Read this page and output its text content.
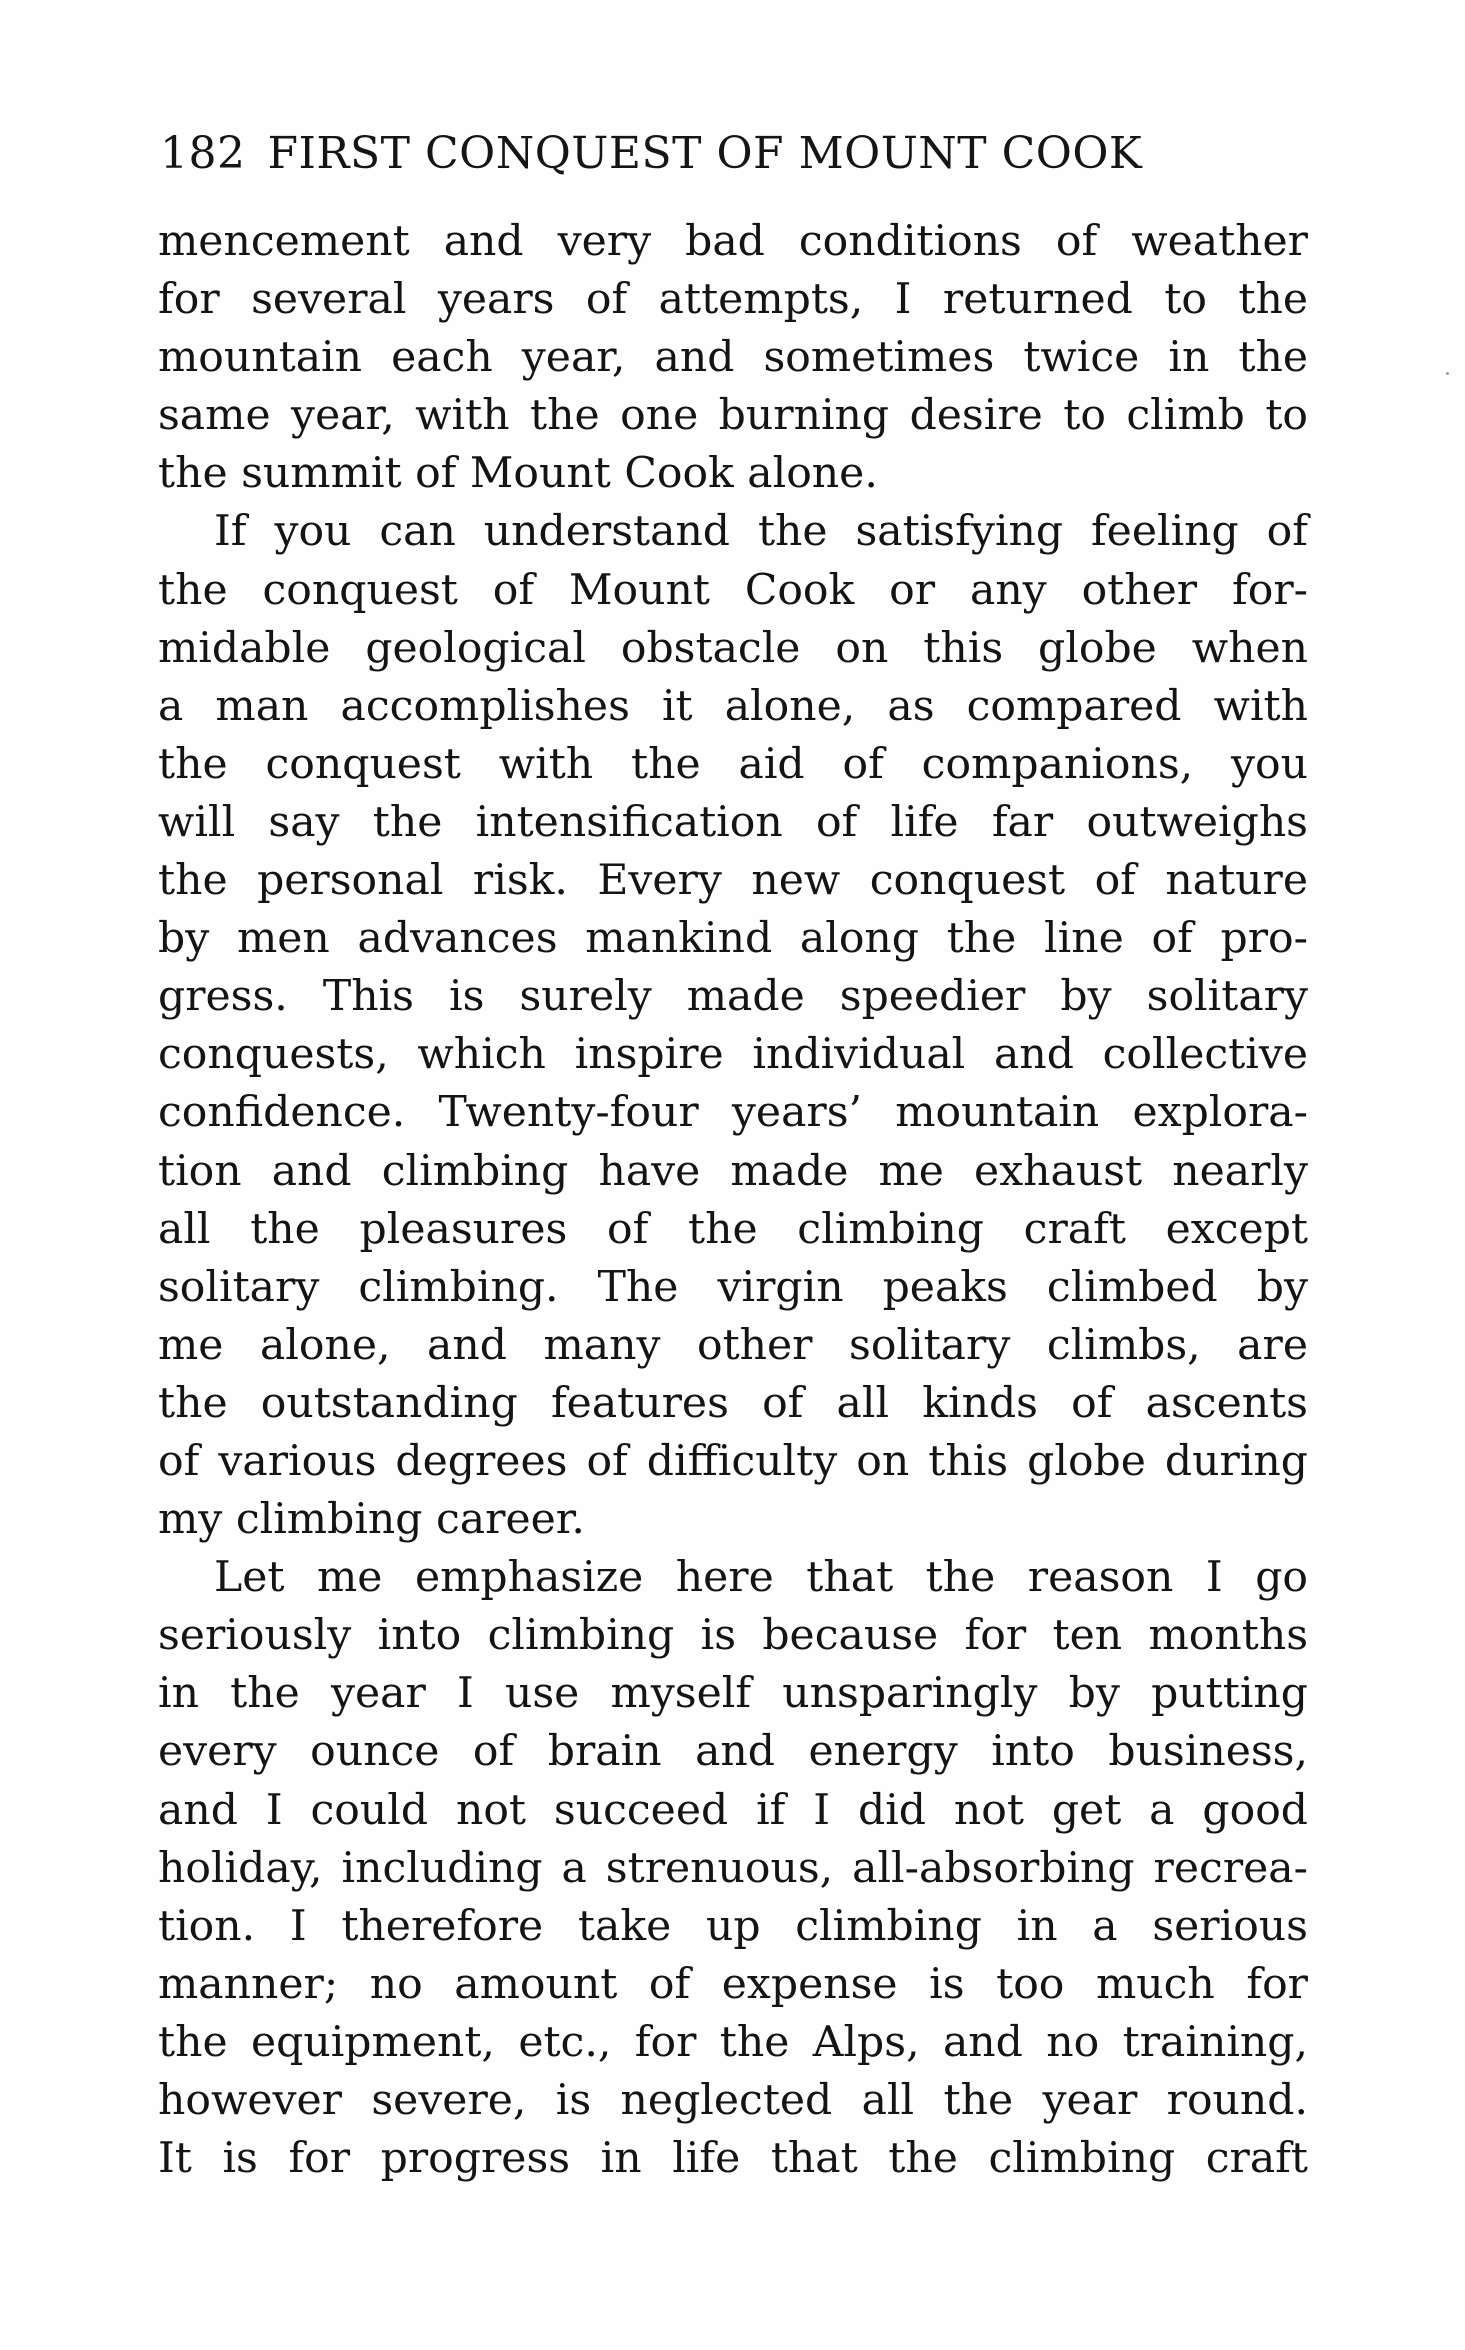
182 FIRST CONQUEST OF MOUNT COOK
mencement and very bad conditions of weather
for several years of attempts, I returned to the
mountain each year, and sometimes twice in the
same year, with the one burning desire to climb to
the summit of Mount Cook alone.
If you can understand the satisfying feeling of
the conquest of Mount Cook or any other for-
midable geological obstacle on this globe when
a man accomplishes it alone, as compared with
the conquest with the aid of companions, you
will say the intensification of life far outweighs
the personal risk. Every new conquest of nature
by men advances mankind along the line of pro-
gress. This is surely made speedier by solitary
conquests, which inspire individual and collective
confidence. Twenty-four years’ mountain explora-
tion and climbing have made me exhaust nearly
all the pleasures of the climbing craft except
solitary climbing. The virgin peaks climbed by
me alone, and many other solitary climbs, are
the outstanding features of all kinds of ascents
of various degrees of difficulty on this globe during
my climbing career.
Let me emphasize here that the reason I go
seriously into climbing is because for ten months
in the year I use myself unsparingly by putting
every ounce of brain and energy into business,
and I could not succeed if I did not get a good
holiday, including a strenuous, all-absorbing recrea-
tion. I therefore take up climbing in a serious
manner; no amount of expense is too much for
the equipment, etc., for the Alps, and no training,
however severe, is neglected all the year round.
It is for progress in life that the climbing craft
